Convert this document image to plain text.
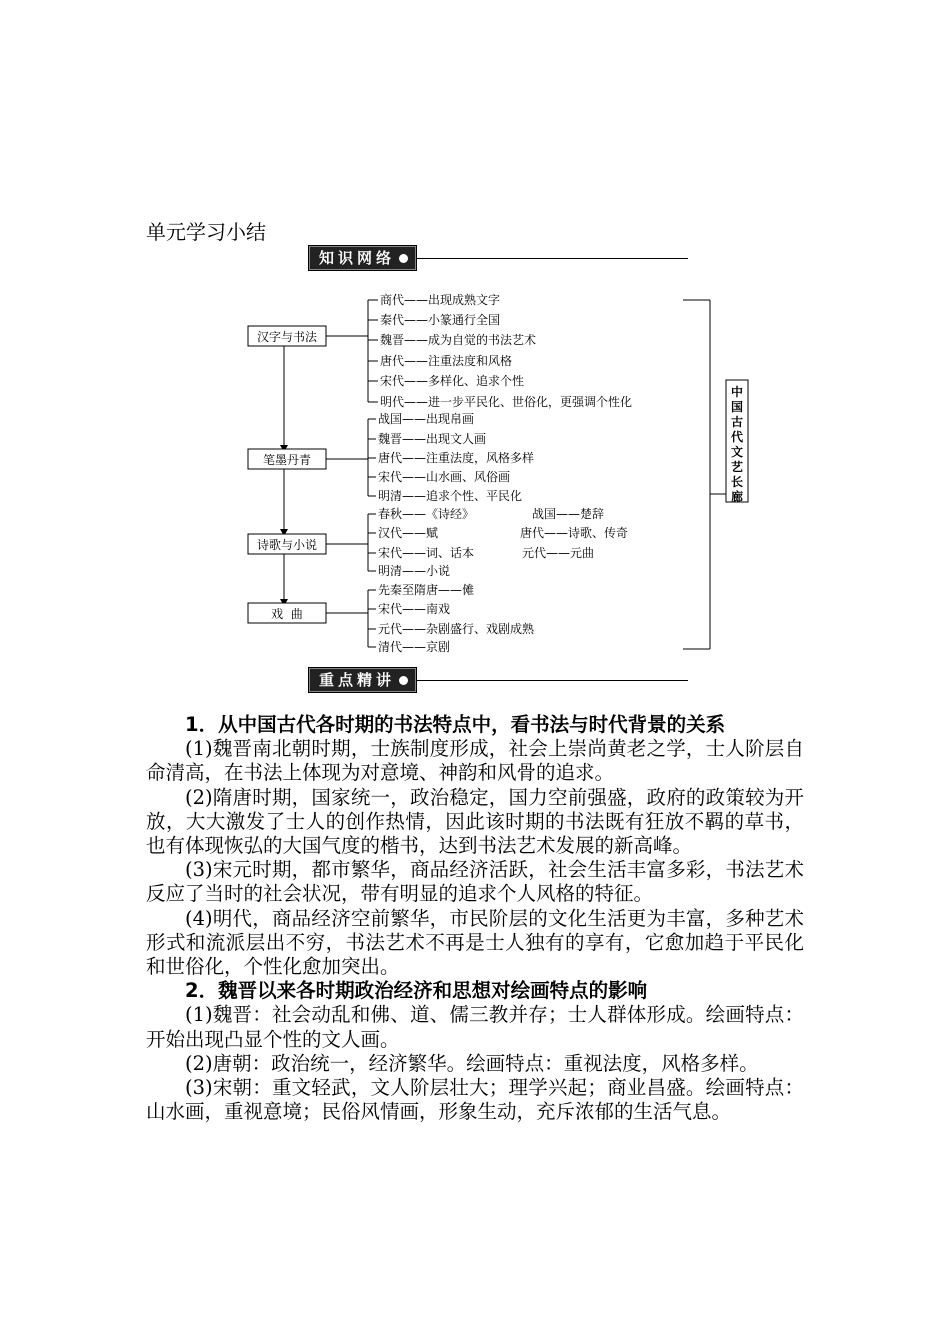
单元学习小结
知识网络
汉字与书法
笔墨丹青
诗歌与小说
戏  曲
商代——出现成熟文字
秦代——小篆通行全国
魏晋——成为自觉的书法艺术
唐代——注重法度和风格
宋代——多样化、追求个性
明代——进一步平民化、世俗化，更强调个性化
战国——出现帛画
魏晋——出现文人画
唐代——注重法度，风格多样
宋代——山水画、风俗画
明清——追求个性、平民化
春秋——《诗经》
汉代——赋
宋代——词、话本
明清——小说
战国——楚辞
唐代——诗歌、传奇
元代——元曲
先秦至隋唐——傩
宋代——南戏
元代——杂剧盛行、戏剧成熟
清代——京剧
中国古代文艺长廊
重点精讲

1．从中国古代各时期的书法特点中，看书法与时代背景的关系

(1)魏晋南北朝时期，士族制度形成，社会上崇尚黄老之学，士人阶层自命清高，在书法上体现为对意境、神韵和风骨的追求。

(2)隋唐时期，国家统一，政治稳定，国力空前强盛，政府的政策较为开放，大大激发了士人的创作热情，因此该时期的书法既有狂放不羁的草书，也有体现恢弘的大国气度的楷书，达到书法艺术发展的新高峰。

(3)宋元时期，都市繁华，商品经济活跃，社会生活丰富多彩，书法艺术反应了当时的社会状况，带有明显的追求个人风格的特征。

(4)明代，商品经济空前繁华，市民阶层的文化生活更为丰富，多种艺术形式和流派层出不穷，书法艺术不再是士人独有的享有，它愈加趋于平民化和世俗化，个性化愈加突出。

2．魏晋以来各时期政治经济和思想对绘画特点的影响

(1)魏晋：社会动乱和佛、道、儒三教并存；士人群体形成。绘画特点：开始出现凸显个性的文人画。

(2)唐朝：政治统一，经济繁华。绘画特点：重视法度，风格多样。

(3)宋朝：重文轻武，文人阶层壮大；理学兴起；商业昌盛。绘画特点：山水画，重视意境；民俗风情画，形象生动，充斥浓郁的生活气息。
